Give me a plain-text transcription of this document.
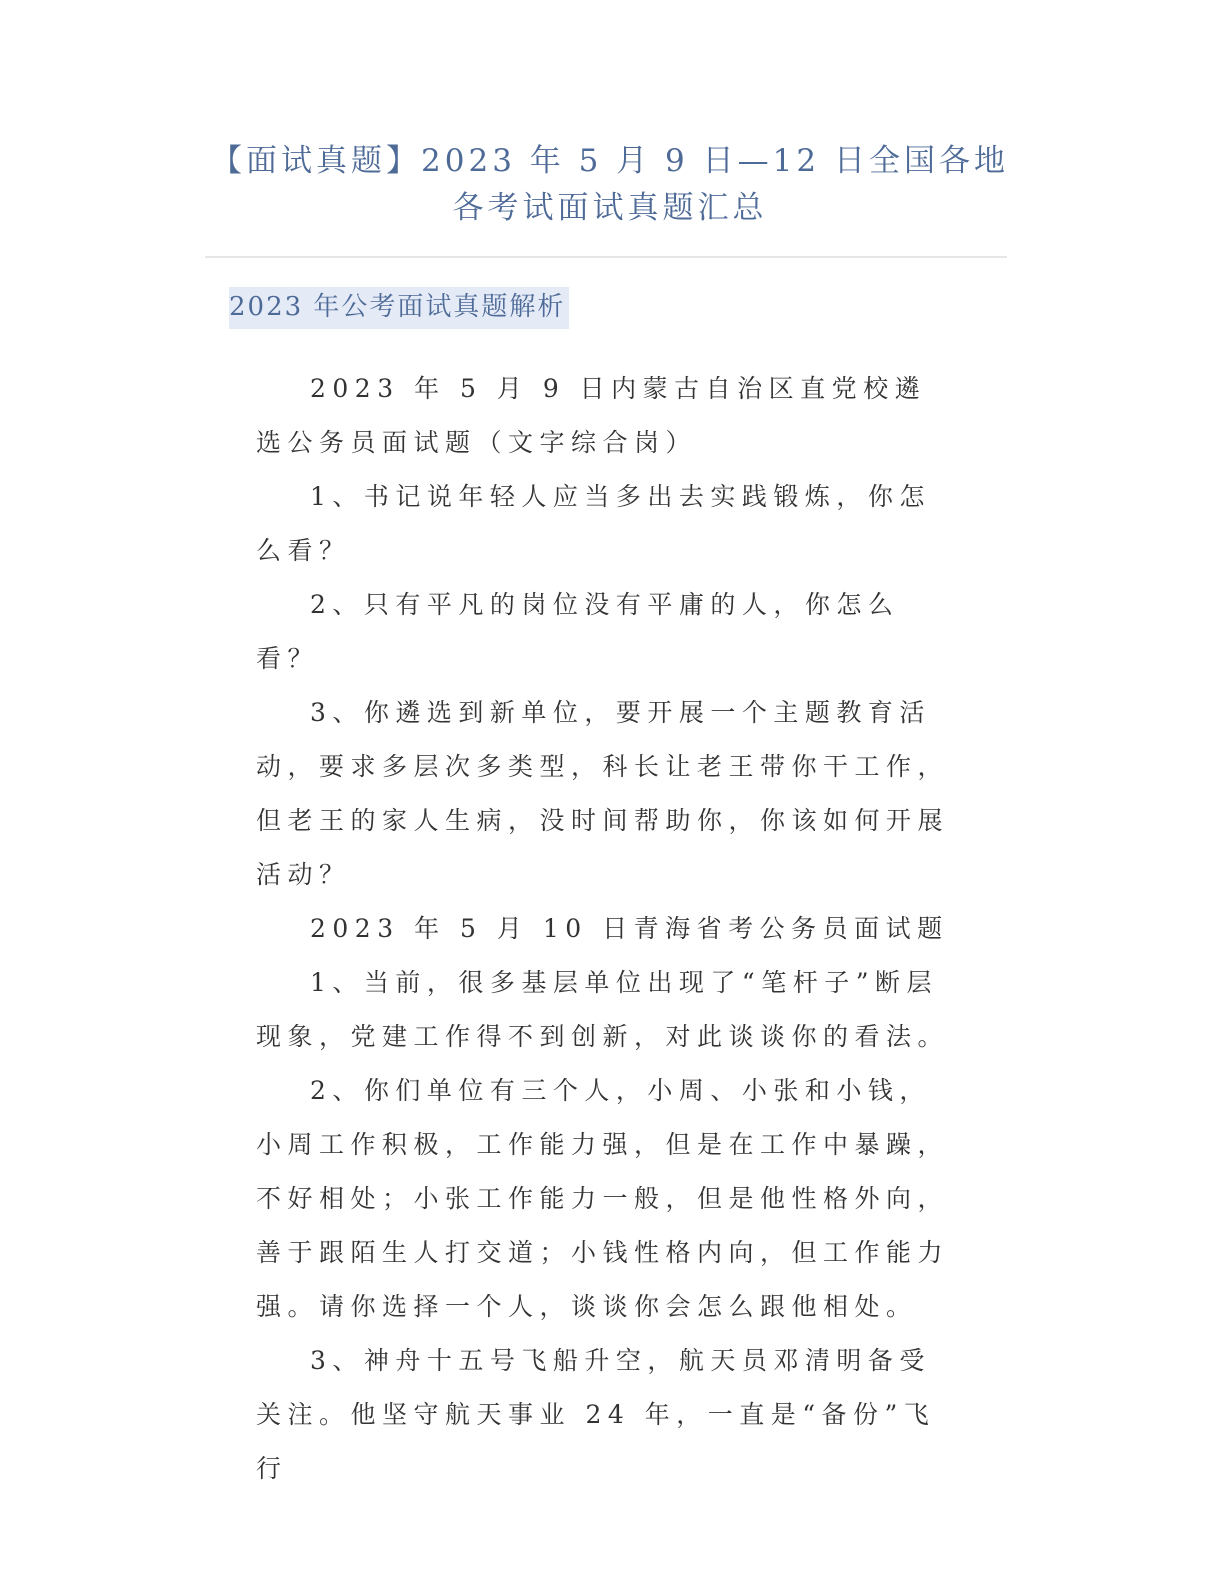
【面试真题】2023 年 5 月 9 日—12 日全国各地各考试面试真题汇总
2023 年公考面试真题解析

2023 年 5 月 9 日内蒙古自治区直党校遴选公务员面试题（文字综合岗）

1、书记说年轻人应当多出去实践锻炼，你怎么看？

2、只有平凡的岗位没有平庸的人，你怎么看？

3、你遴选到新单位，要开展一个主题教育活动，要求多层次多类型，科长让老王带你干工作，但老王的家人生病，没时间帮助你，你该如何开展活动？

2023 年 5 月 10 日青海省考公务员面试题

1、当前，很多基层单位出现了“笔杆子”断层现象，党建工作得不到创新，对此谈谈你的看法。

2、你们单位有三个人，小周、小张和小钱，小周工作积极，工作能力强，但是在工作中暴躁，不好相处；小张工作能力一般，但是他性格外向，善于跟陌生人打交道；小钱性格内向，但工作能力强。请你选择一个人，谈谈你会怎么跟他相处。

3、神舟十五号飞船升空，航天员邓清明备受关注。他坚守航天事业 24 年，一直是“备份”飞行
